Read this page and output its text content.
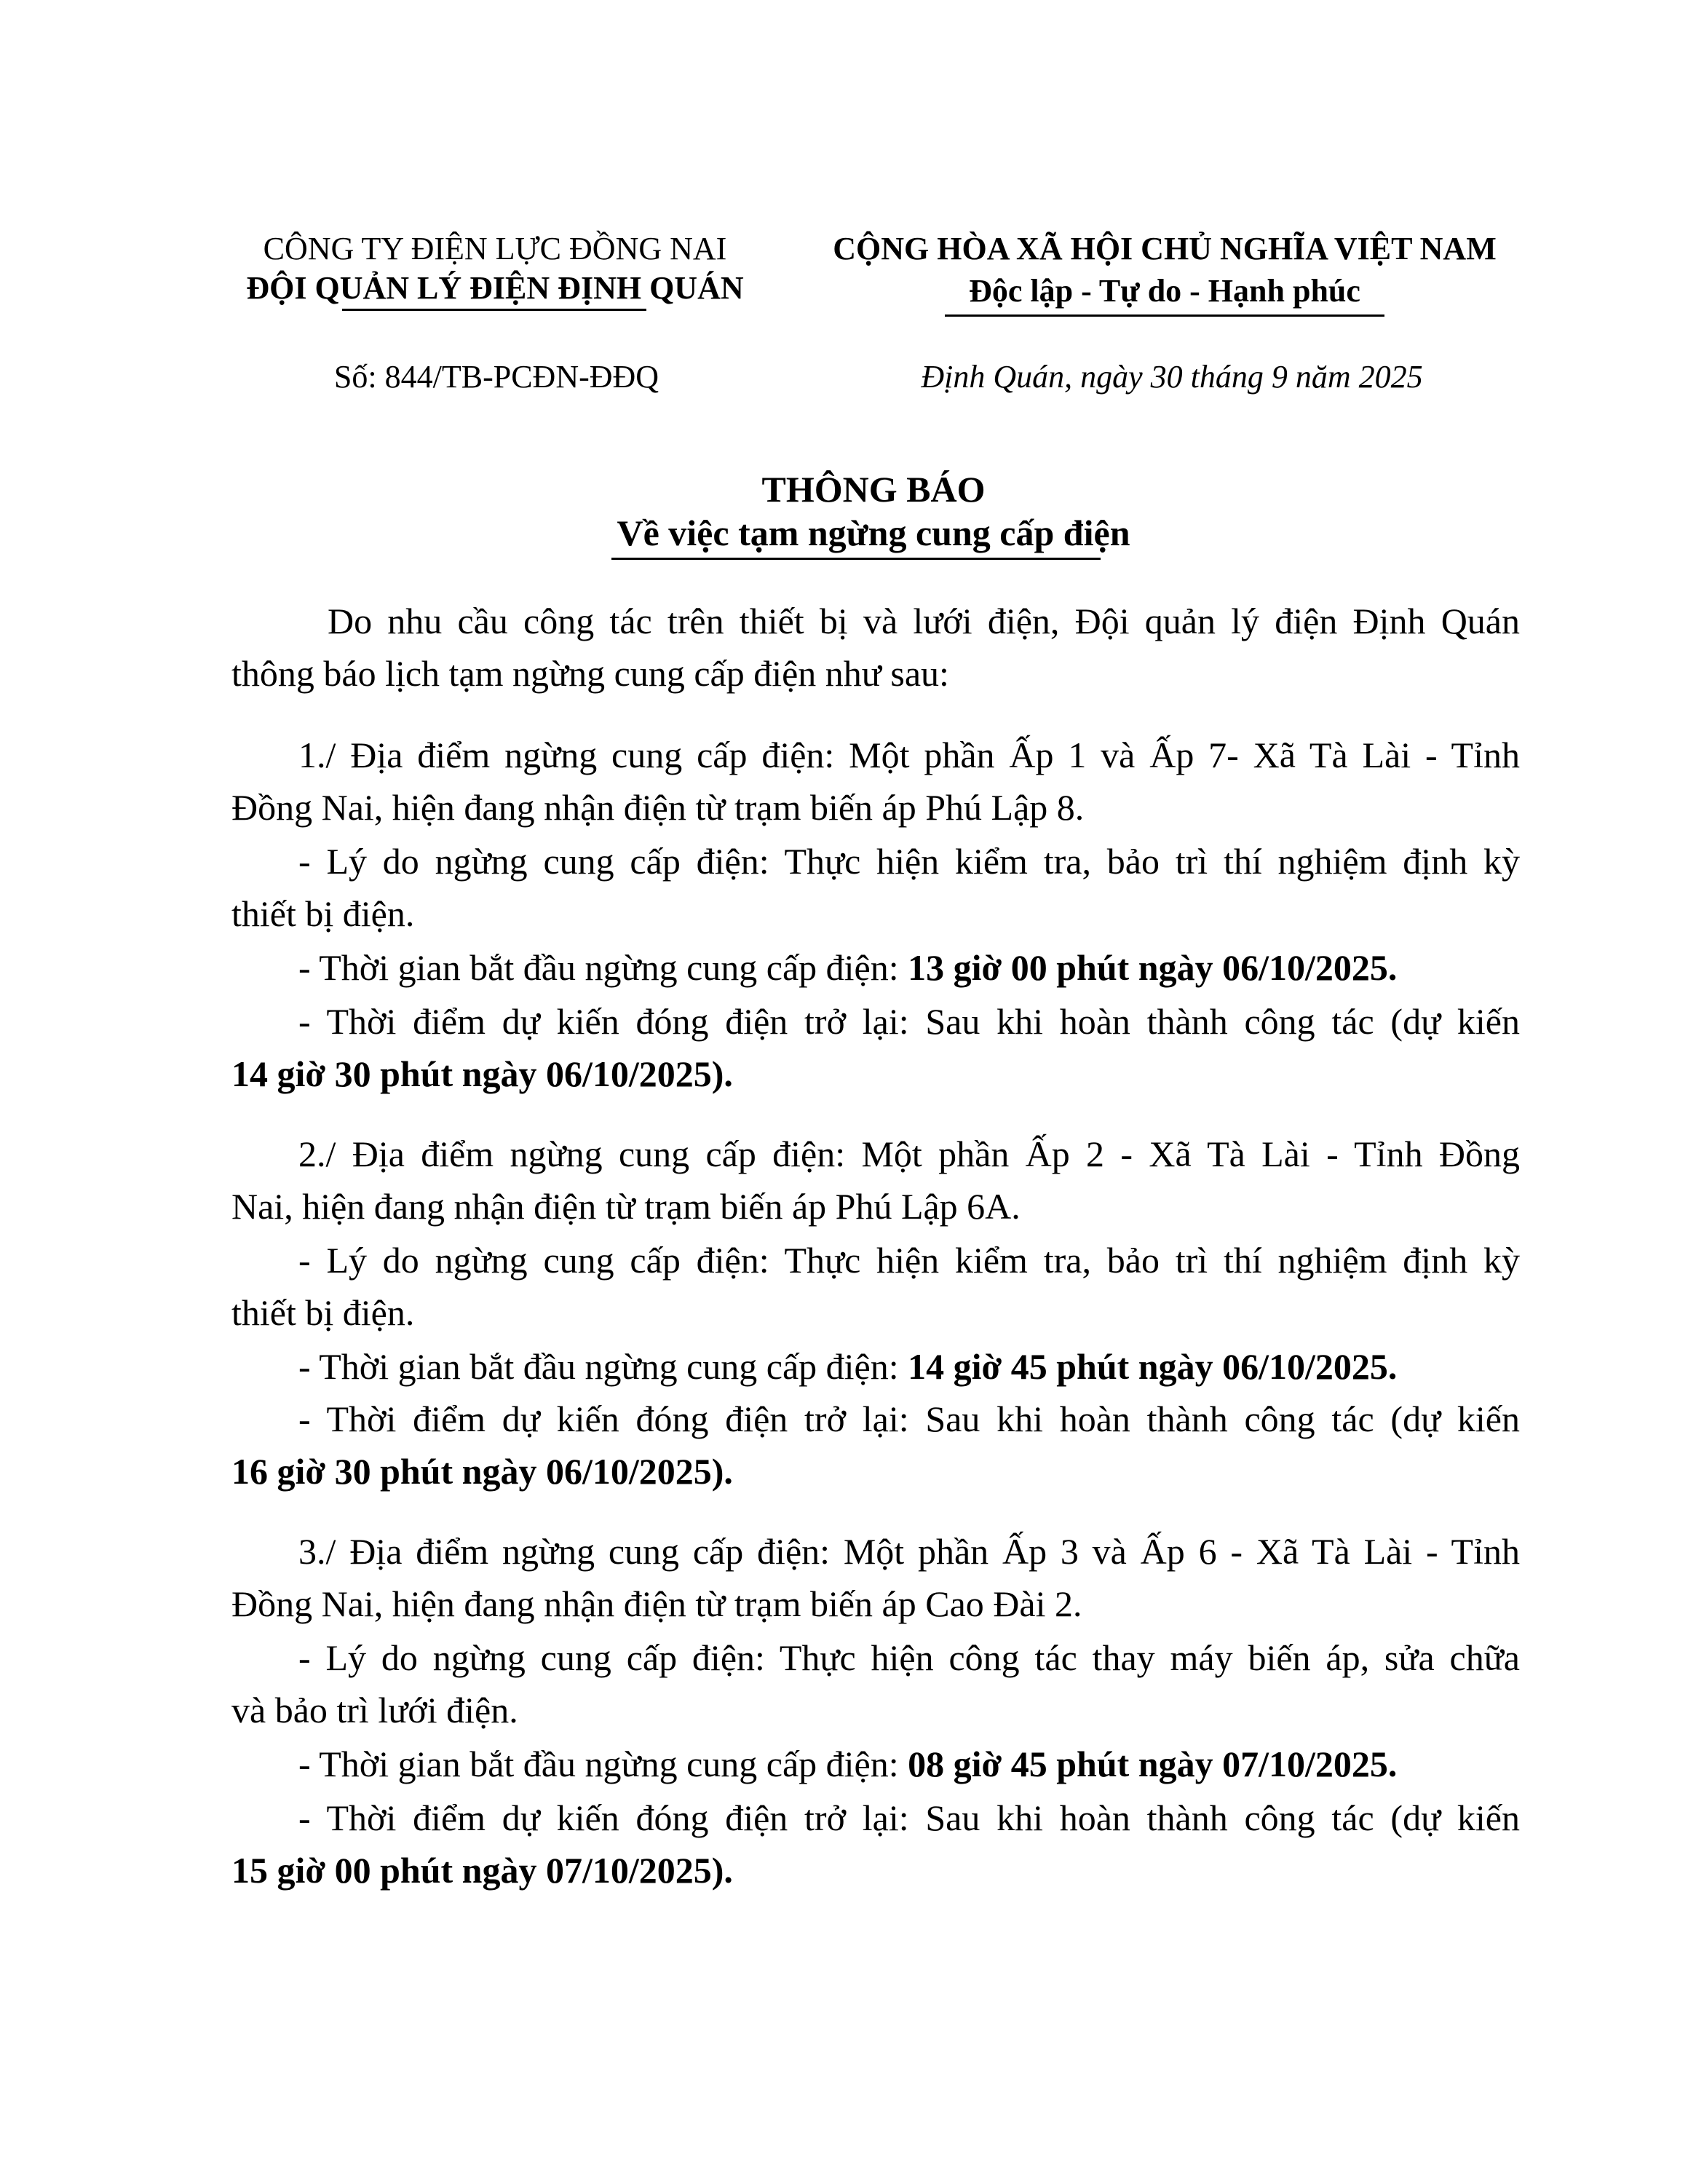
CÔNG TY ĐIỆN LỰC ĐỒNG NAI
ĐỘI QUẢN LÝ ĐIỆN ĐỊNH QUÁN
CỘNG HÒA XÃ HỘI CHỦ NGHĨA VIỆT NAM
Độc lập - Tự do - Hạnh phúc
Số: 844/TB-PCĐN-ĐĐQ	Định Quán, ngày 30 tháng 9 năm 2025
THÔNG BÁO
Về việc tạm ngừng cung cấp điện
Do nhu cầu công tác trên thiết bị và lưới điện, Đội quản lý điện Định Quán
thông báo lịch tạm ngừng cung cấp điện như sau:
1./ Địa điểm ngừng cung cấp điện: Một phần Ấp 1 và Ấp 7- Xã Tà Lài - Tỉnh
Đồng Nai, hiện đang nhận điện từ trạm biến áp Phú Lập 8.
- Lý do ngừng cung cấp điện: Thực hiện kiểm tra, bảo trì thí nghiệm định kỳ
thiết bị điện.
- Thời gian bắt đầu ngừng cung cấp điện: 13 giờ 00 phút ngày 06/10/2025.
- Thời điểm dự kiến đóng điện trở lại: Sau khi hoàn thành công tác (dự kiến
14 giờ 30 phút ngày 06/10/2025).
2./ Địa điểm ngừng cung cấp điện: Một phần Ấp 2 - Xã Tà Lài - Tỉnh Đồng
Nai, hiện đang nhận điện từ trạm biến áp Phú Lập 6A.
- Lý do ngừng cung cấp điện: Thực hiện kiểm tra, bảo trì thí nghiệm định kỳ
thiết bị điện.
- Thời gian bắt đầu ngừng cung cấp điện: 14 giờ 45 phút ngày 06/10/2025.
- Thời điểm dự kiến đóng điện trở lại: Sau khi hoàn thành công tác (dự kiến
16 giờ 30 phút ngày 06/10/2025).
3./ Địa điểm ngừng cung cấp điện: Một phần Ấp 3 và Ấp 6 - Xã Tà Lài - Tỉnh
Đồng Nai, hiện đang nhận điện từ trạm biến áp Cao Đài 2.
- Lý do ngừng cung cấp điện: Thực hiện công tác thay máy biến áp, sửa chữa
và bảo trì lưới điện.
- Thời gian bắt đầu ngừng cung cấp điện: 08 giờ 45 phút ngày 07/10/2025.
- Thời điểm dự kiến đóng điện trở lại: Sau khi hoàn thành công tác (dự kiến
15 giờ 00 phút ngày 07/10/2025).
